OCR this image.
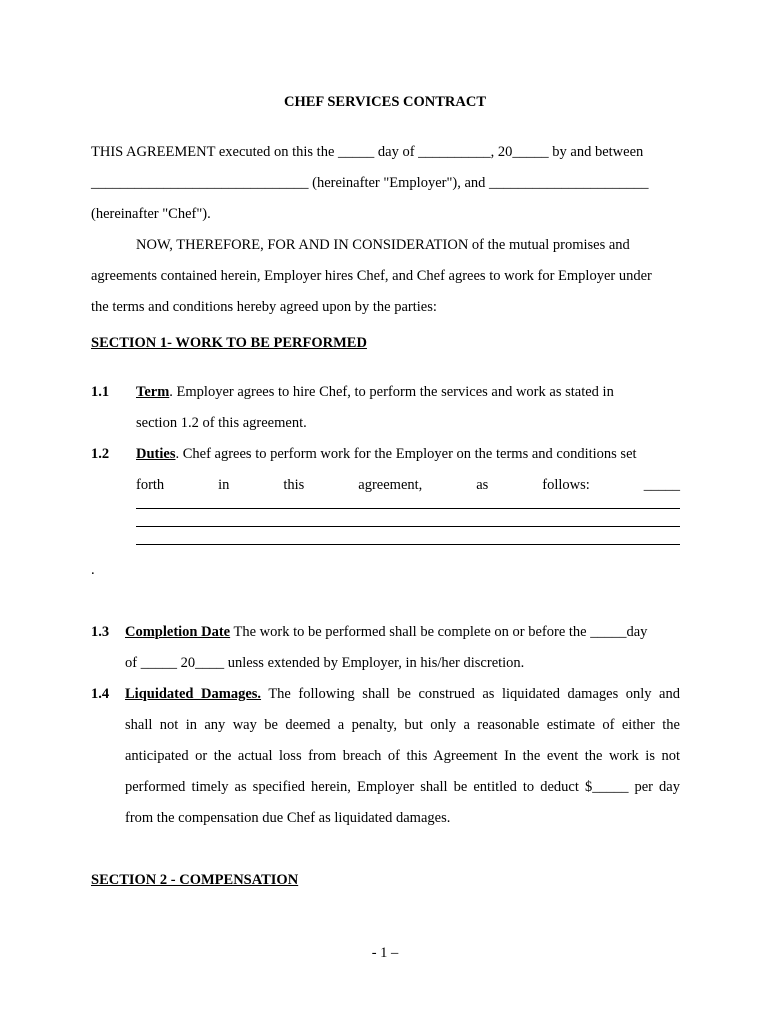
CHEF SERVICES CONTRACT
THIS AGREEMENT executed on this the _____ day of __________, 20_____ by and between
______________________________ (hereinafter "Employer"), and ______________________
(hereinafter "Chef").
NOW, THEREFORE, FOR AND IN CONSIDERATION of the mutual promises and
agreements contained herein, Employer hires Chef, and Chef agrees to work for Employer under
the terms and conditions hereby agreed upon by the parties:
SECTION 1- WORK TO BE PERFORMED
1.1 Term. Employer agrees to hire Chef, to perform the services and work as stated in
section 1.2 of this agreement.
1.2 Duties. Chef agrees to perform work for the Employer on the terms and conditions set
forth in this agreement, as follows: _____
.
1.3 Completion Date The work to be performed shall be complete on or before the _____day
of _____ 20____ unless extended by Employer, in his/her discretion.
1.4 Liquidated Damages. The following shall be construed as liquidated damages only and
shall not in any way be deemed a penalty, but only a reasonable estimate of either the
anticipated or the actual loss from breach of this Agreement In the event the work is not
performed timely as specified herein, Employer shall be entitled to deduct $_____ per day
from the compensation due Chef as liquidated damages.
SECTION 2 - COMPENSATION
- 1 –
